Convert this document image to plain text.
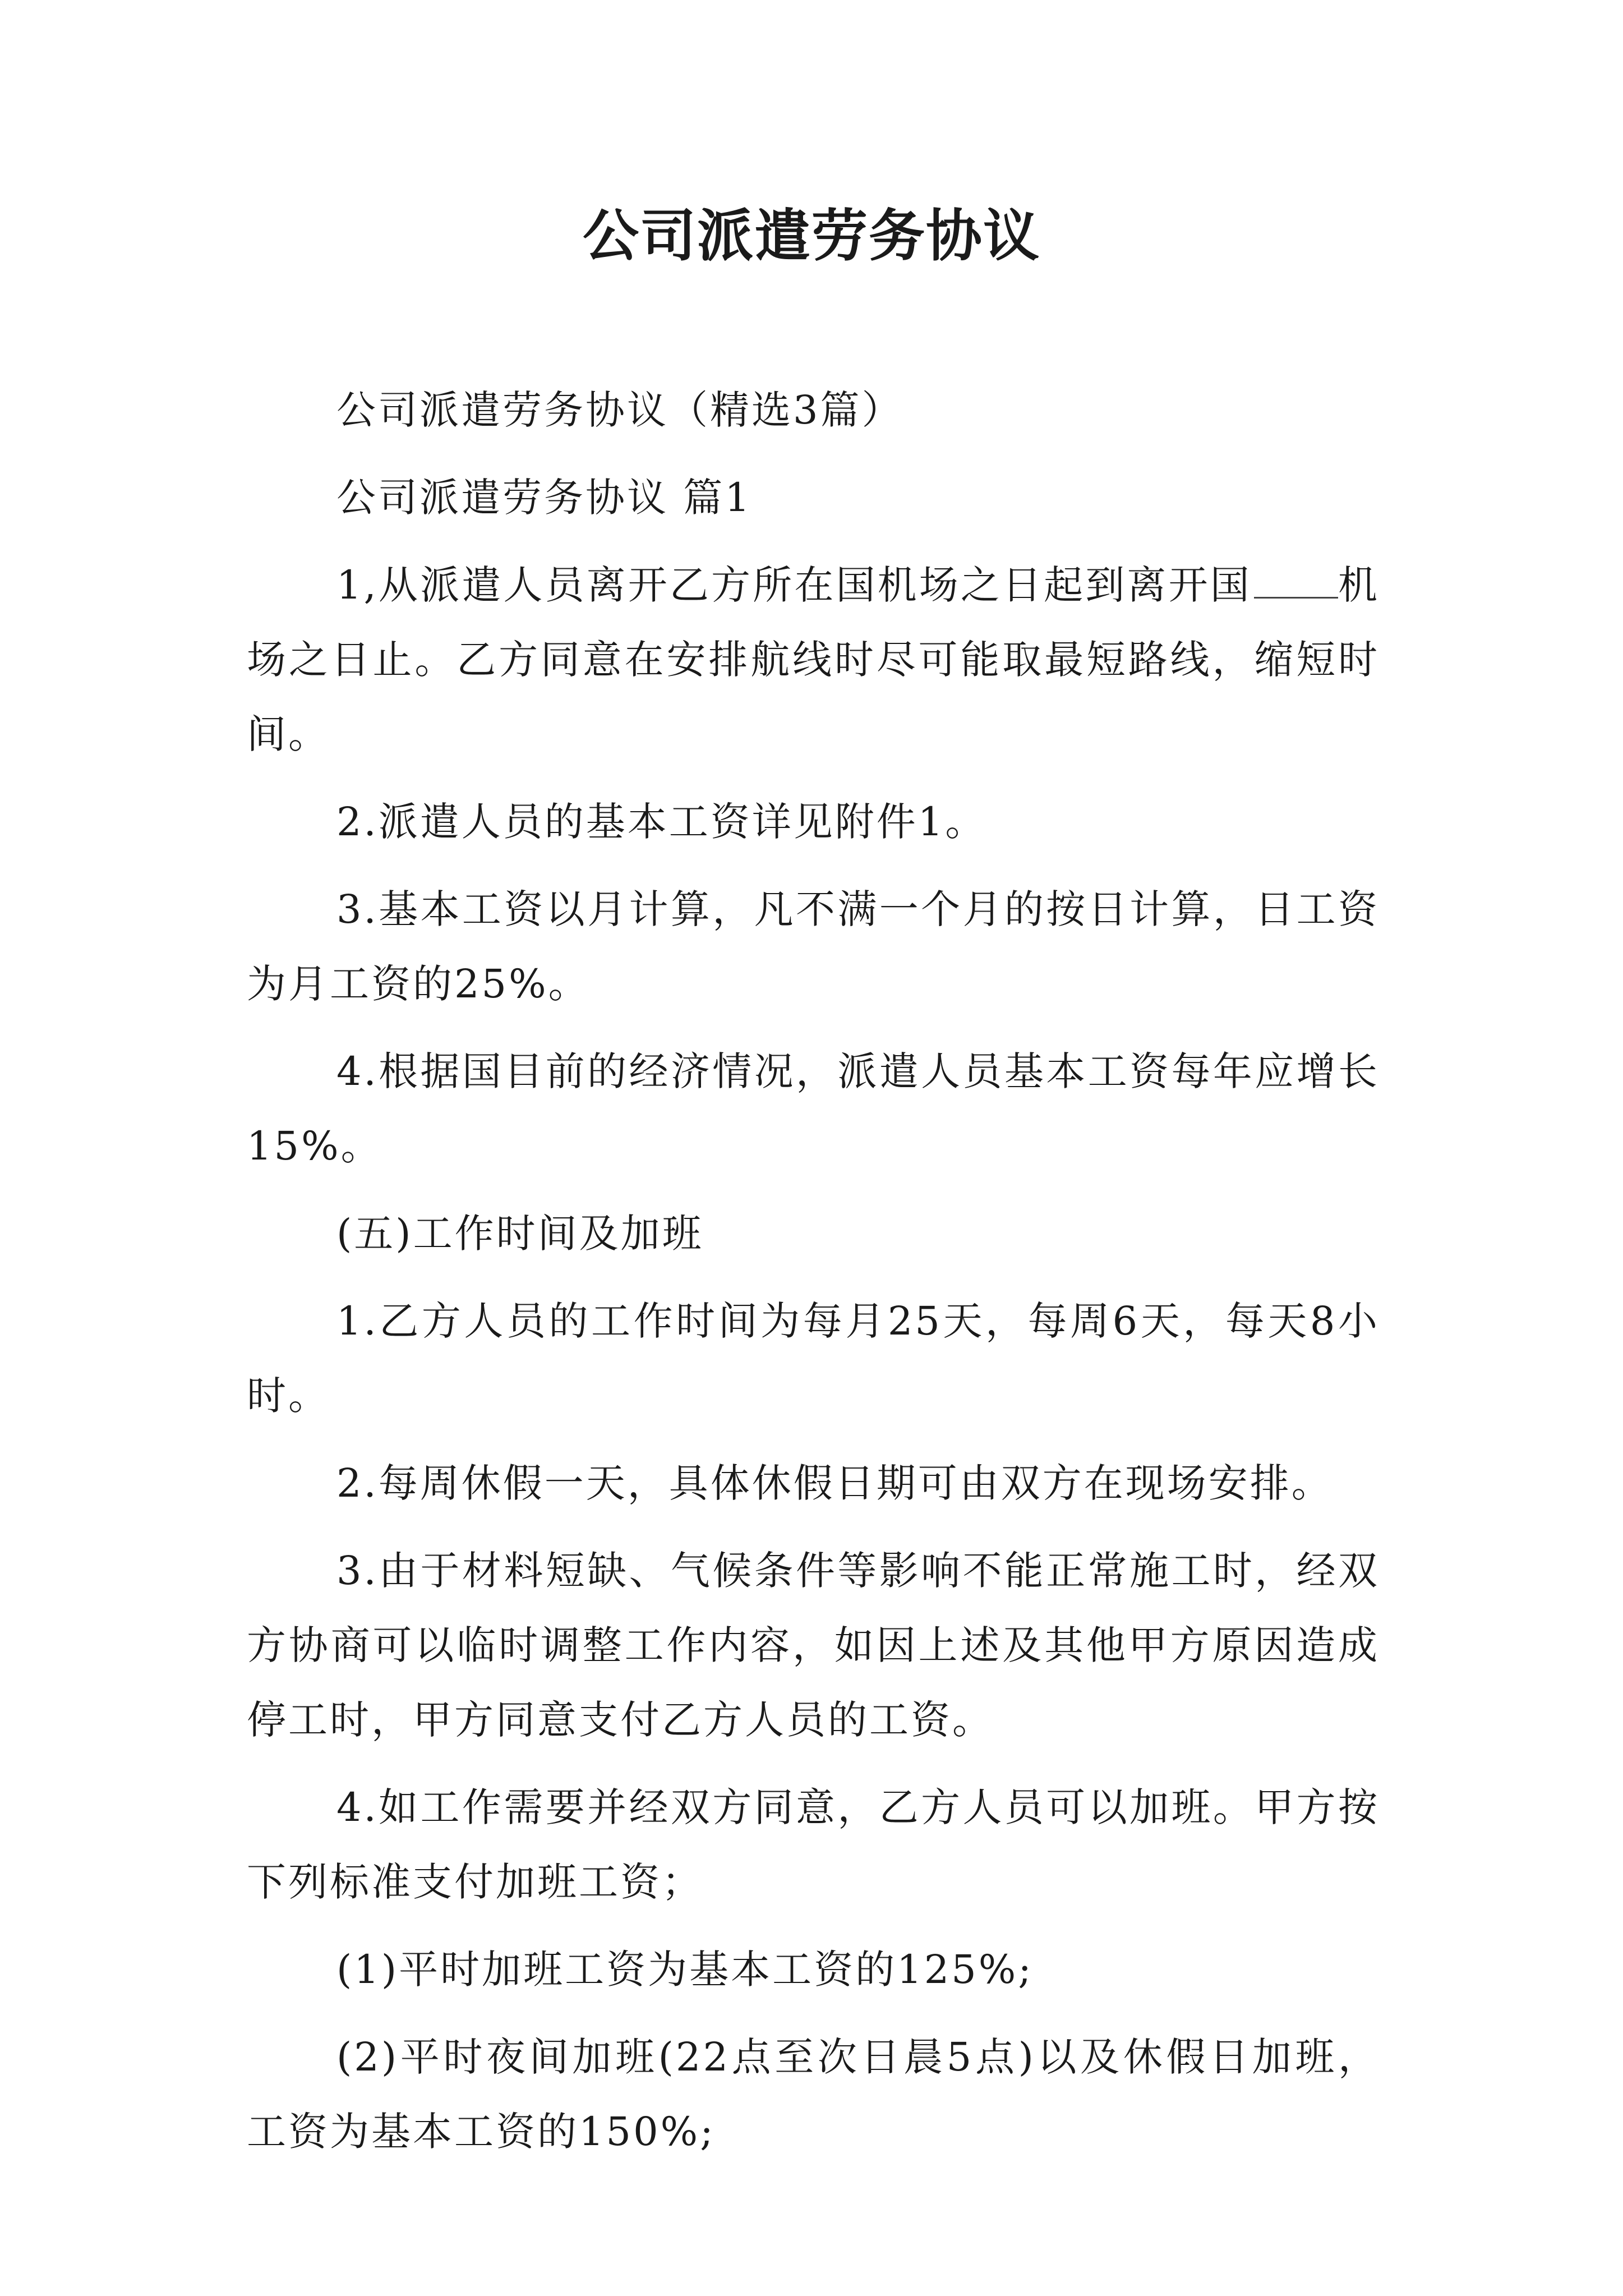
公司派遣劳务协议

公司派遣劳务协议（精选3篇）

公司派遣劳务协议 篇1

1,从派遣人员离开乙方所在国机场之日起到离开国 机场之日止。乙方同意在安排航线时尽可能取最短路线，缩短时间。

2.派遣人员的基本工资详见附件1。

3.基本工资以月计算，凡不满一个月的按日计算，日工资为月工资的25%。

4.根据国目前的经济情况，派遣人员基本工资每年应增长15%。

(五)工作时间及加班

1.乙方人员的工作时间为每月25天，每周6天，每天8小时。

2.每周休假一天，具体休假日期可由双方在现场安排。

3.由于材料短缺、气候条件等影响不能正常施工时，经双方协商可以临时调整工作内容，如因上述及其他甲方原因造成停工时，甲方同意支付乙方人员的工资。

4.如工作需要并经双方同意，乙方人员可以加班。甲方按下列标准支付加班工资；

(1)平时加班工资为基本工资的125%;

(2)平时夜间加班(22点至次日晨5点)以及休假日加班，工资为基本工资的150%;
